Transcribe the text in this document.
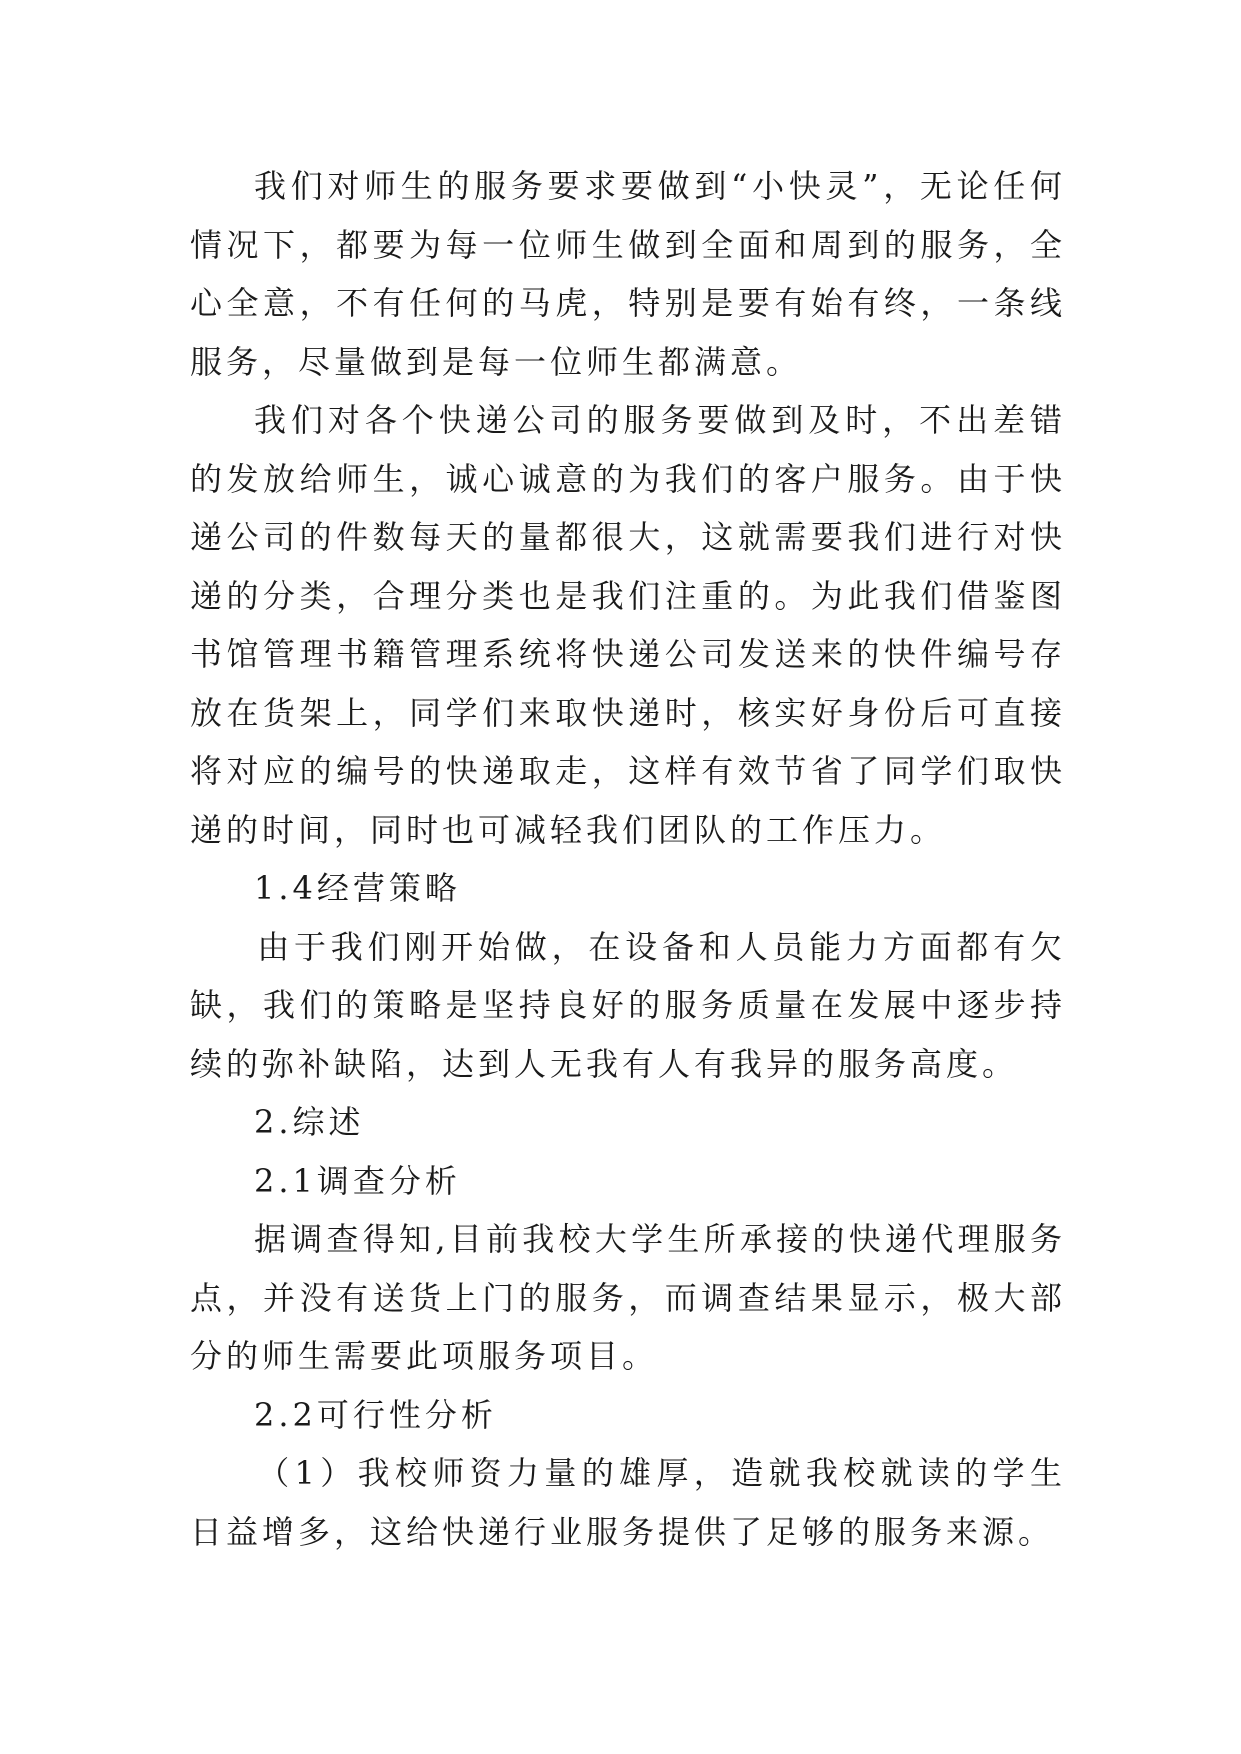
我们对师生的服务要求要做到“小快灵”，无论任何情况下，都要为每一位师生做到全面和周到的服务，全心全意，不有任何的马虎，特别是要有始有终，一条线服务，尽量做到是每一位师生都满意。

我们对各个快递公司的服务要做到及时，不出差错的发放给师生，诚心诚意的为我们的客户服务。由于快递公司的件数每天的量都很大，这就需要我们进行对快递的分类，合理分类也是我们注重的。为此我们借鉴图书馆管理书籍管理系统将快递公司发送来的快件编号存放在货架上，同学们来取快递时，核实好身份后可直接将对应的编号的快递取走，这样有效节省了同学们取快递的时间，同时也可减轻我们团队的工作压力。

1.4经营策略

由于我们刚开始做，在设备和人员能力方面都有欠缺，我们的策略是坚持良好的服务质量在发展中逐步持续的弥补缺陷，达到人无我有人有我异的服务高度。

2.综述

2.1调查分析

据调查得知,目前我校大学生所承接的快递代理服务点，并没有送货上门的服务，而调查结果显示，极大部分的师生需要此项服务项目。

2.2可行性分析

（1）我校师资力量的雄厚，造就我校就读的学生日益增多，这给快递行业服务提供了足够的服务来源。
